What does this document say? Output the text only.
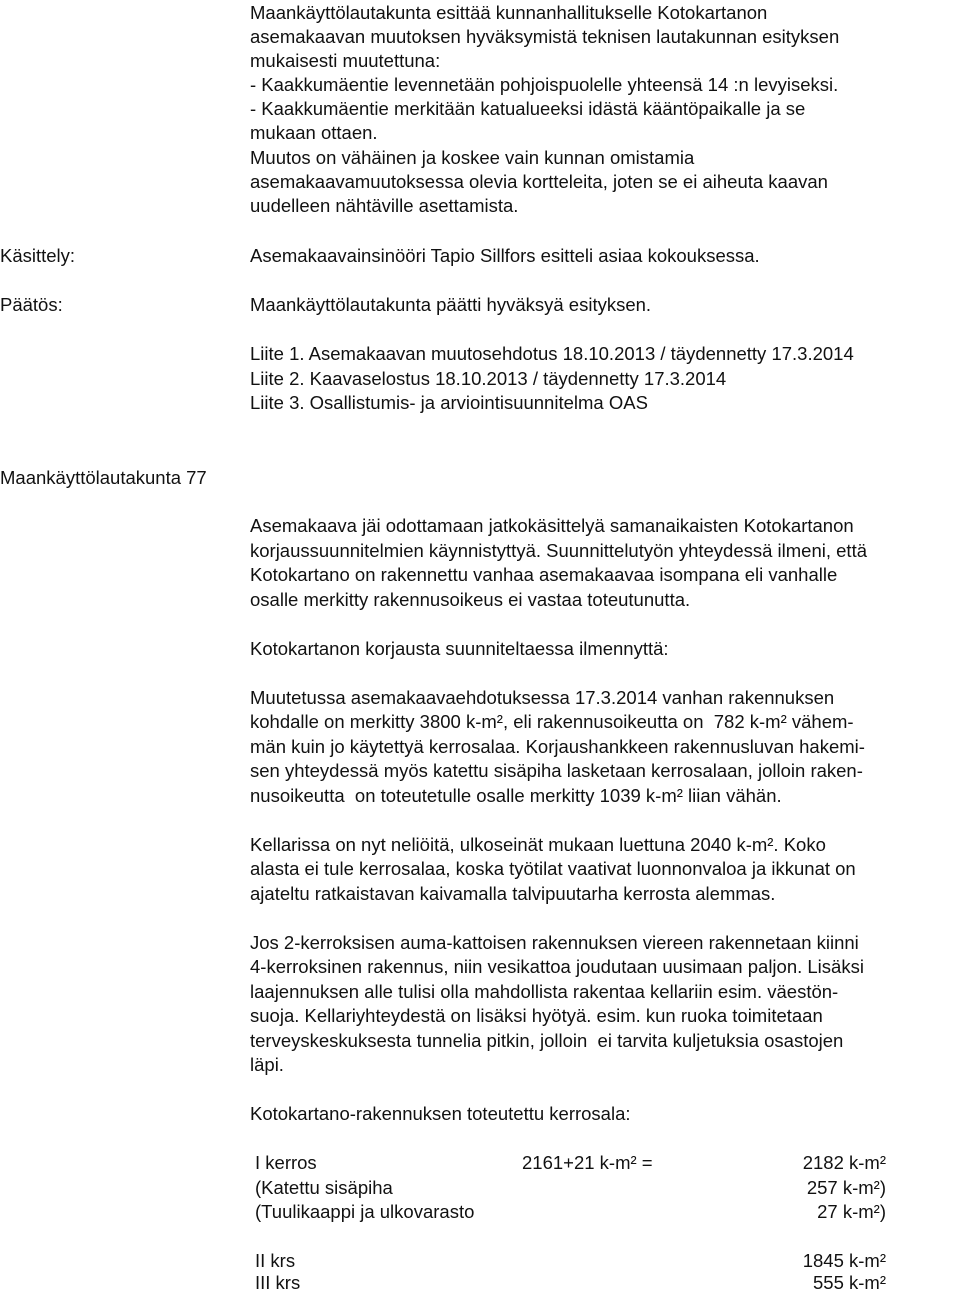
Maankäyttölautakunta esittää kunnanhallitukselle Kotokartanon
asemakaavan muutoksen hyväksymistä teknisen lautakunnan esityksen
mukaisesti muutettuna:
- Kaakkumäentie levennetään pohjoispuolelle yhteensä 14 :n levyiseksi.
- Kaakkumäentie merkitään katualueeksi idästä kääntöpaikalle ja se
mukaan ottaen.
Muutos on vähäinen ja koskee vain kunnan omistamia
asemakaavamuutoksessa olevia kortteleita, joten se ei aiheuta kaavan
uudelleen nähtäville asettamista.
Käsittely:	Asemakaavainsinööri Tapio Sillfors esitteli asiaa kokouksessa.
Päätös:	Maankäyttölautakunta päätti hyväksyä esityksen.
Liite 1. Asemakaavan muutosehdotus 18.10.2013 / täydennetty 17.3.2014
Liite 2. Kaavaselostus 18.10.2013 / täydennetty 17.3.2014
Liite 3. Osallistumis- ja arviointisuunnitelma OAS
Maankäyttölautakunta 77
Asemakaava jäi odottamaan jatkokäsittelyä samanaikaisten Kotokartanon
korjaussuunnitelmien käynnistyttyä. Suunnittelutyön yhteydessä ilmeni, että
Kotokartano on rakennettu vanhaa asemakaavaa isompana eli vanhalle
osalle merkitty rakennusoikeus ei vastaa toteutunutta.
Kotokartanon korjausta suunniteltaessa ilmennyttä:
Muutetussa asemakaavaehdotuksessa 17.3.2014 vanhan rakennuksen
kohdalle on merkitty 3800 k-m², eli rakennusoikeutta on  782 k-m² vähem-
män kuin jo käytettyä kerrosalaa. Korjaushankkeen rakennusluvan hakemi-
sen yhteydessä myös katettu sisäpiha lasketaan kerrosalaan, jolloin raken-
nusoikeutta  on toteutetulle osalle merkitty 1039 k-m² liian vähän.
Kellarissa on nyt neliöitä, ulkoseinät mukaan luettuna 2040 k-m². Koko
alasta ei tule kerrosalaa, koska työtilat vaativat luonnonvaloa ja ikkunat on
ajateltu ratkaistavan kaivamalla talvipuutarha kerrosta alemmas.
Jos 2-kerroksisen auma-kattoisen rakennuksen viereen rakennetaan kiinni
4-kerroksinen rakennus, niin vesikattoa joudutaan uusimaan paljon. Lisäksi
laajennuksen alle tulisi olla mahdollista rakentaa kellariin esim. väestön-
suoja. Kellariyhteydestä on lisäksi hyötyä. esim. kun ruoka toimitetaan
terveyskeskuksesta tunnelia pitkin, jolloin  ei tarvita kuljetuksia osastojen
läpi.
Kotokartano-rakennuksen toteutettu kerrosala:
I kerros	2161+21 k-m² =	2182 k-m²
(Katettu sisäpiha	257 k-m²)
(Tuulikaappi ja ulkovarasto	27 k-m²)
II krs	1845 k-m²
III krs	555 k-m²
